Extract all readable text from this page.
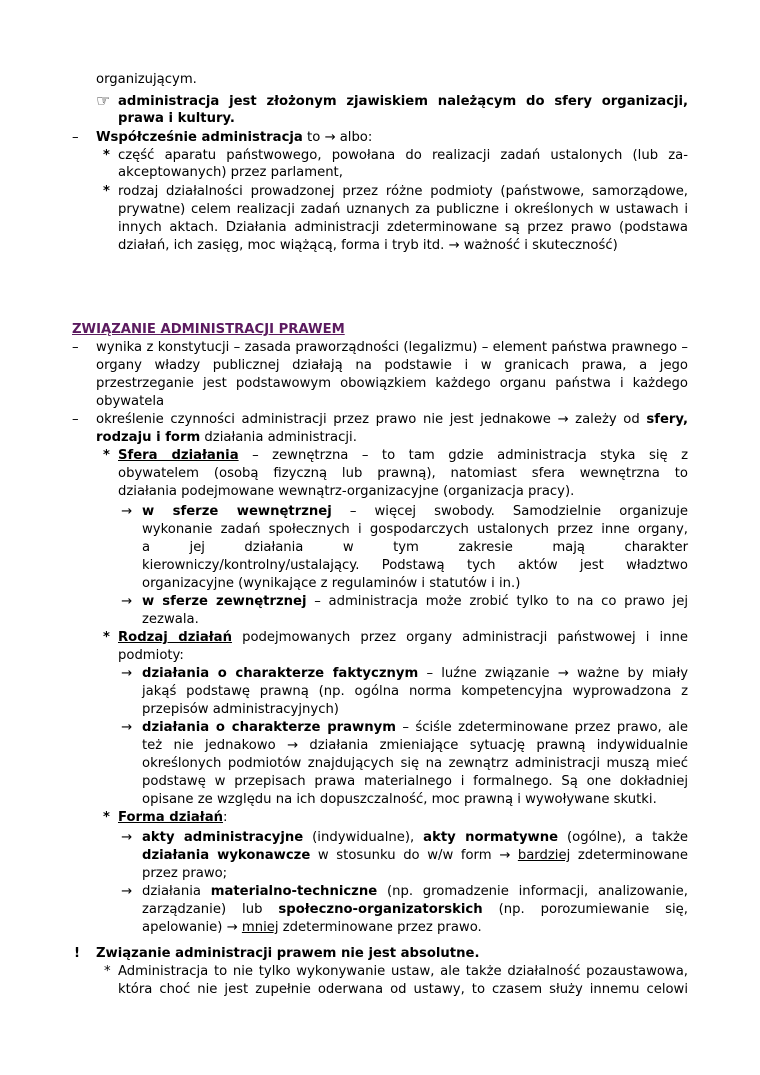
organizującym.
☞ administracja jest złożonym zjawiskiem należącym do sfery organizacji,
prawa i kultury.
– Współcześnie administracja to → albo:
* część aparatu państwowego, powołana do realizacji zadań ustalonych (lub za-
akceptowanych) przez parlament,
* rodzaj działalności prowadzonej przez różne podmioty (państwowe, samorządowe,
prywatne) celem realizacji zadań uznanych za publiczne i określonych w ustawach i
innych aktach. Działania administracji zdeterminowane są przez prawo (podstawa
działań, ich zasięg, moc wiążącą, forma i tryb itd. → ważność i skuteczność)
ZWIĄZANIE ADMINISTRACJI PRAWEM
– wynika z konstytucji – zasada praworządności (legalizmu) – element państwa prawnego –
organy władzy publicznej działają na podstawie i w granicach prawa, a jego
przestrzeganie jest podstawowym obowiązkiem każdego organu państwa i każdego
obywatela
– określenie czynności administracji przez prawo nie jest jednakowe → zależy od sfery,
rodzaju i form działania administracji.
* Sfera działania – zewnętrzna – to tam gdzie administracja styka się z
obywatelem (osobą fizyczną lub prawną), natomiast sfera wewnętrzna to
działania podejmowane wewnątrz-organizacyjne (organizacja pracy).
→ w sferze wewnętrznej – więcej swobody. Samodzielnie organizuje
wykonanie zadań społecznych i gospodarczych ustalonych przez inne organy,
a	jej	działania	w	tym	zakresie	mają	charakter
kierowniczy/kontrolny/ustalający. Podstawą tych aktów jest władztwo
organizacyjne (wynikające z regulaminów i statutów i in.)
→ w sferze zewnętrznej – administracja może zrobić tylko to na co prawo jej
zezwala.
* Rodzaj działań podejmowanych przez organy administracji państwowej i inne
podmioty:
→ działania o charakterze faktycznym – luźne związanie → ważne by miały
jakąś podstawę prawną (np. ogólna norma kompetencyjna wyprowadzona z
przepisów administracyjnych)
→ działania o charakterze prawnym – ściśle zdeterminowane przez prawo, ale
też nie jednakowo → działania zmieniające sytuację prawną indywidualnie
określonych podmiotów znajdujących się na zewnątrz administracji muszą mieć
podstawę w przepisach prawa materialnego i formalnego. Są one dokładniej
opisane ze względu na ich dopuszczalność, moc prawną i wywoływane skutki.
* Forma działań:
→ akty administracyjne (indywidualne), akty normatywne (ogólne), a także
działania wykonawcze w stosunku do w/w form → bardziej zdeterminowane
przez prawo;
→ działania materialno-techniczne (np. gromadzenie informacji, analizowanie,
zarządzanie) lub społeczno-organizatorskich (np. porozumiewanie się,
apelowanie) → mniej zdeterminowane przez prawo.
! Związanie administracji prawem nie jest absolutne.
* Administracja to nie tylko wykonywanie ustaw, ale także działalność pozaustawowa,
która choć nie jest zupełnie oderwana od ustawy, to czasem służy innemu celowi
